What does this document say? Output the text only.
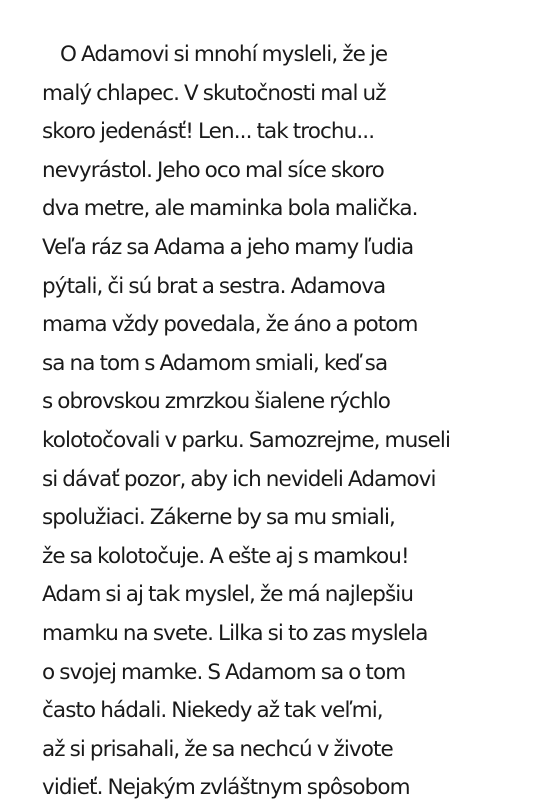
O Adamovi si mnohí mysleli, že je
malý chlapec. V skutočnosti mal už
skoro jedenásť! Len... tak trochu...
nevyrástol. Jeho oco mal síce skoro
dva metre, ale maminka bola malička.
Veľa ráz sa Adama a jeho mamy ľudia
pýtali, či sú brat a sestra. Adamova
mama vždy povedala, že áno a potom
sa na tom s Adamom smiali, keď sa
s obrovskou zmrzkou šialene rýchlo
kolotočovali v parku. Samozrejme, museli
si dávať pozor, aby ich nevideli Adamovi
spolužiaci. Zákerne by sa mu smiali,
že sa kolotočuje. A ešte aj s mamkou!
Adam si aj tak myslel, že má najlepšiu
mamku na svete. Lilka si to zas myslela
o svojej mamke. S Adamom sa o tom
často hádali. Niekedy až tak veľmi,
až si prisahali, že sa nechcú v živote
vidieť. Nejakým zvláštnym spôsobom
